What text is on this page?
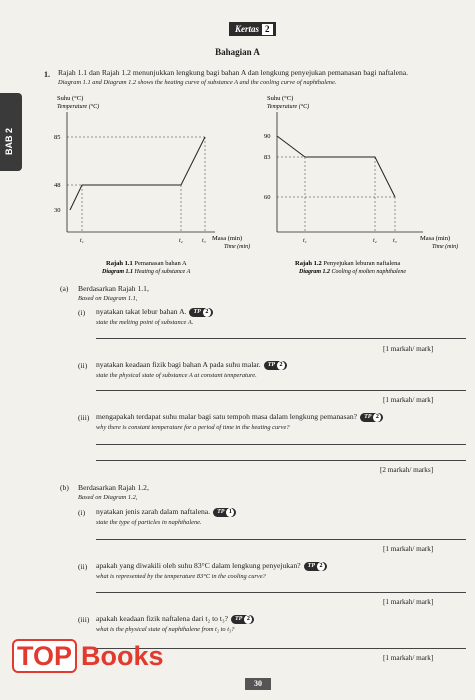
Kertas 2
Bahagian A
BAB 2
1. Rajah 1.1 dan Rajah 1.2 menunjukkan lengkung bagi bahan A dan lengkung penyejukan pemanasan bagi naftalena.
Diagram 1.1 and Diagram 1.2 shows the heating curve of substance A and the cooling curve of naphthalene.
Suhu (°C)
Temperature (°C)
85
48
30
t₁	t₂	t₃ Masa (min)
Time (min)
Rajah 1.1 Pemanasan bahan A
Diagram 1.1 Heating of substance A
Suhu (°C)
Temperature (°C)
90
83
60
t₁	t₂	t₃	Masa (min)
Time (min)
Rajah 1.2 Penyejukan leburan naftalena
Diagram 1.2 Cooling of molten naphthalene
(a) Berdasarkan Rajah 1.1,
Based on Diagram 1.1,
(i) nyatakan takat lebur bahan A. TP 2
state the melting point of substance A.
[1 markah/ mark]
(ii) nyatakan keadaan fizik bagi bahan A pada suhu malar. TP 2
state the physical state of substance A at constant temperature.
[1 markah/ mark]
(iii) mengapakah terdapat suhu malar bagi satu tempoh masa dalam lengkung pemanasan? TP 2
why there is constant temperature for a period of time in the heating curve?
[2 markah/ marks]
(b) Berdasarkan Rajah 1.2,
Based on Diagram 1.2,
(i) nyatakan jenis zarah dalam naftalena. TP 1
state the type of particles in naphthalene.
[1 markah/ mark]
(ii) apakah yang diwakili oleh suhu 83°C dalam lengkung penyejukan? TP 2
what is represented by the temperature 83°C in the cooling curve?
[1 markah/ mark]
(iii) apakah keadaan fizik naftalena dari t₂ to t₃? TP 2
what is the physical state of naphthalene from t₂ to t₃?
[1 markah/ mark]
TOP Books
30
